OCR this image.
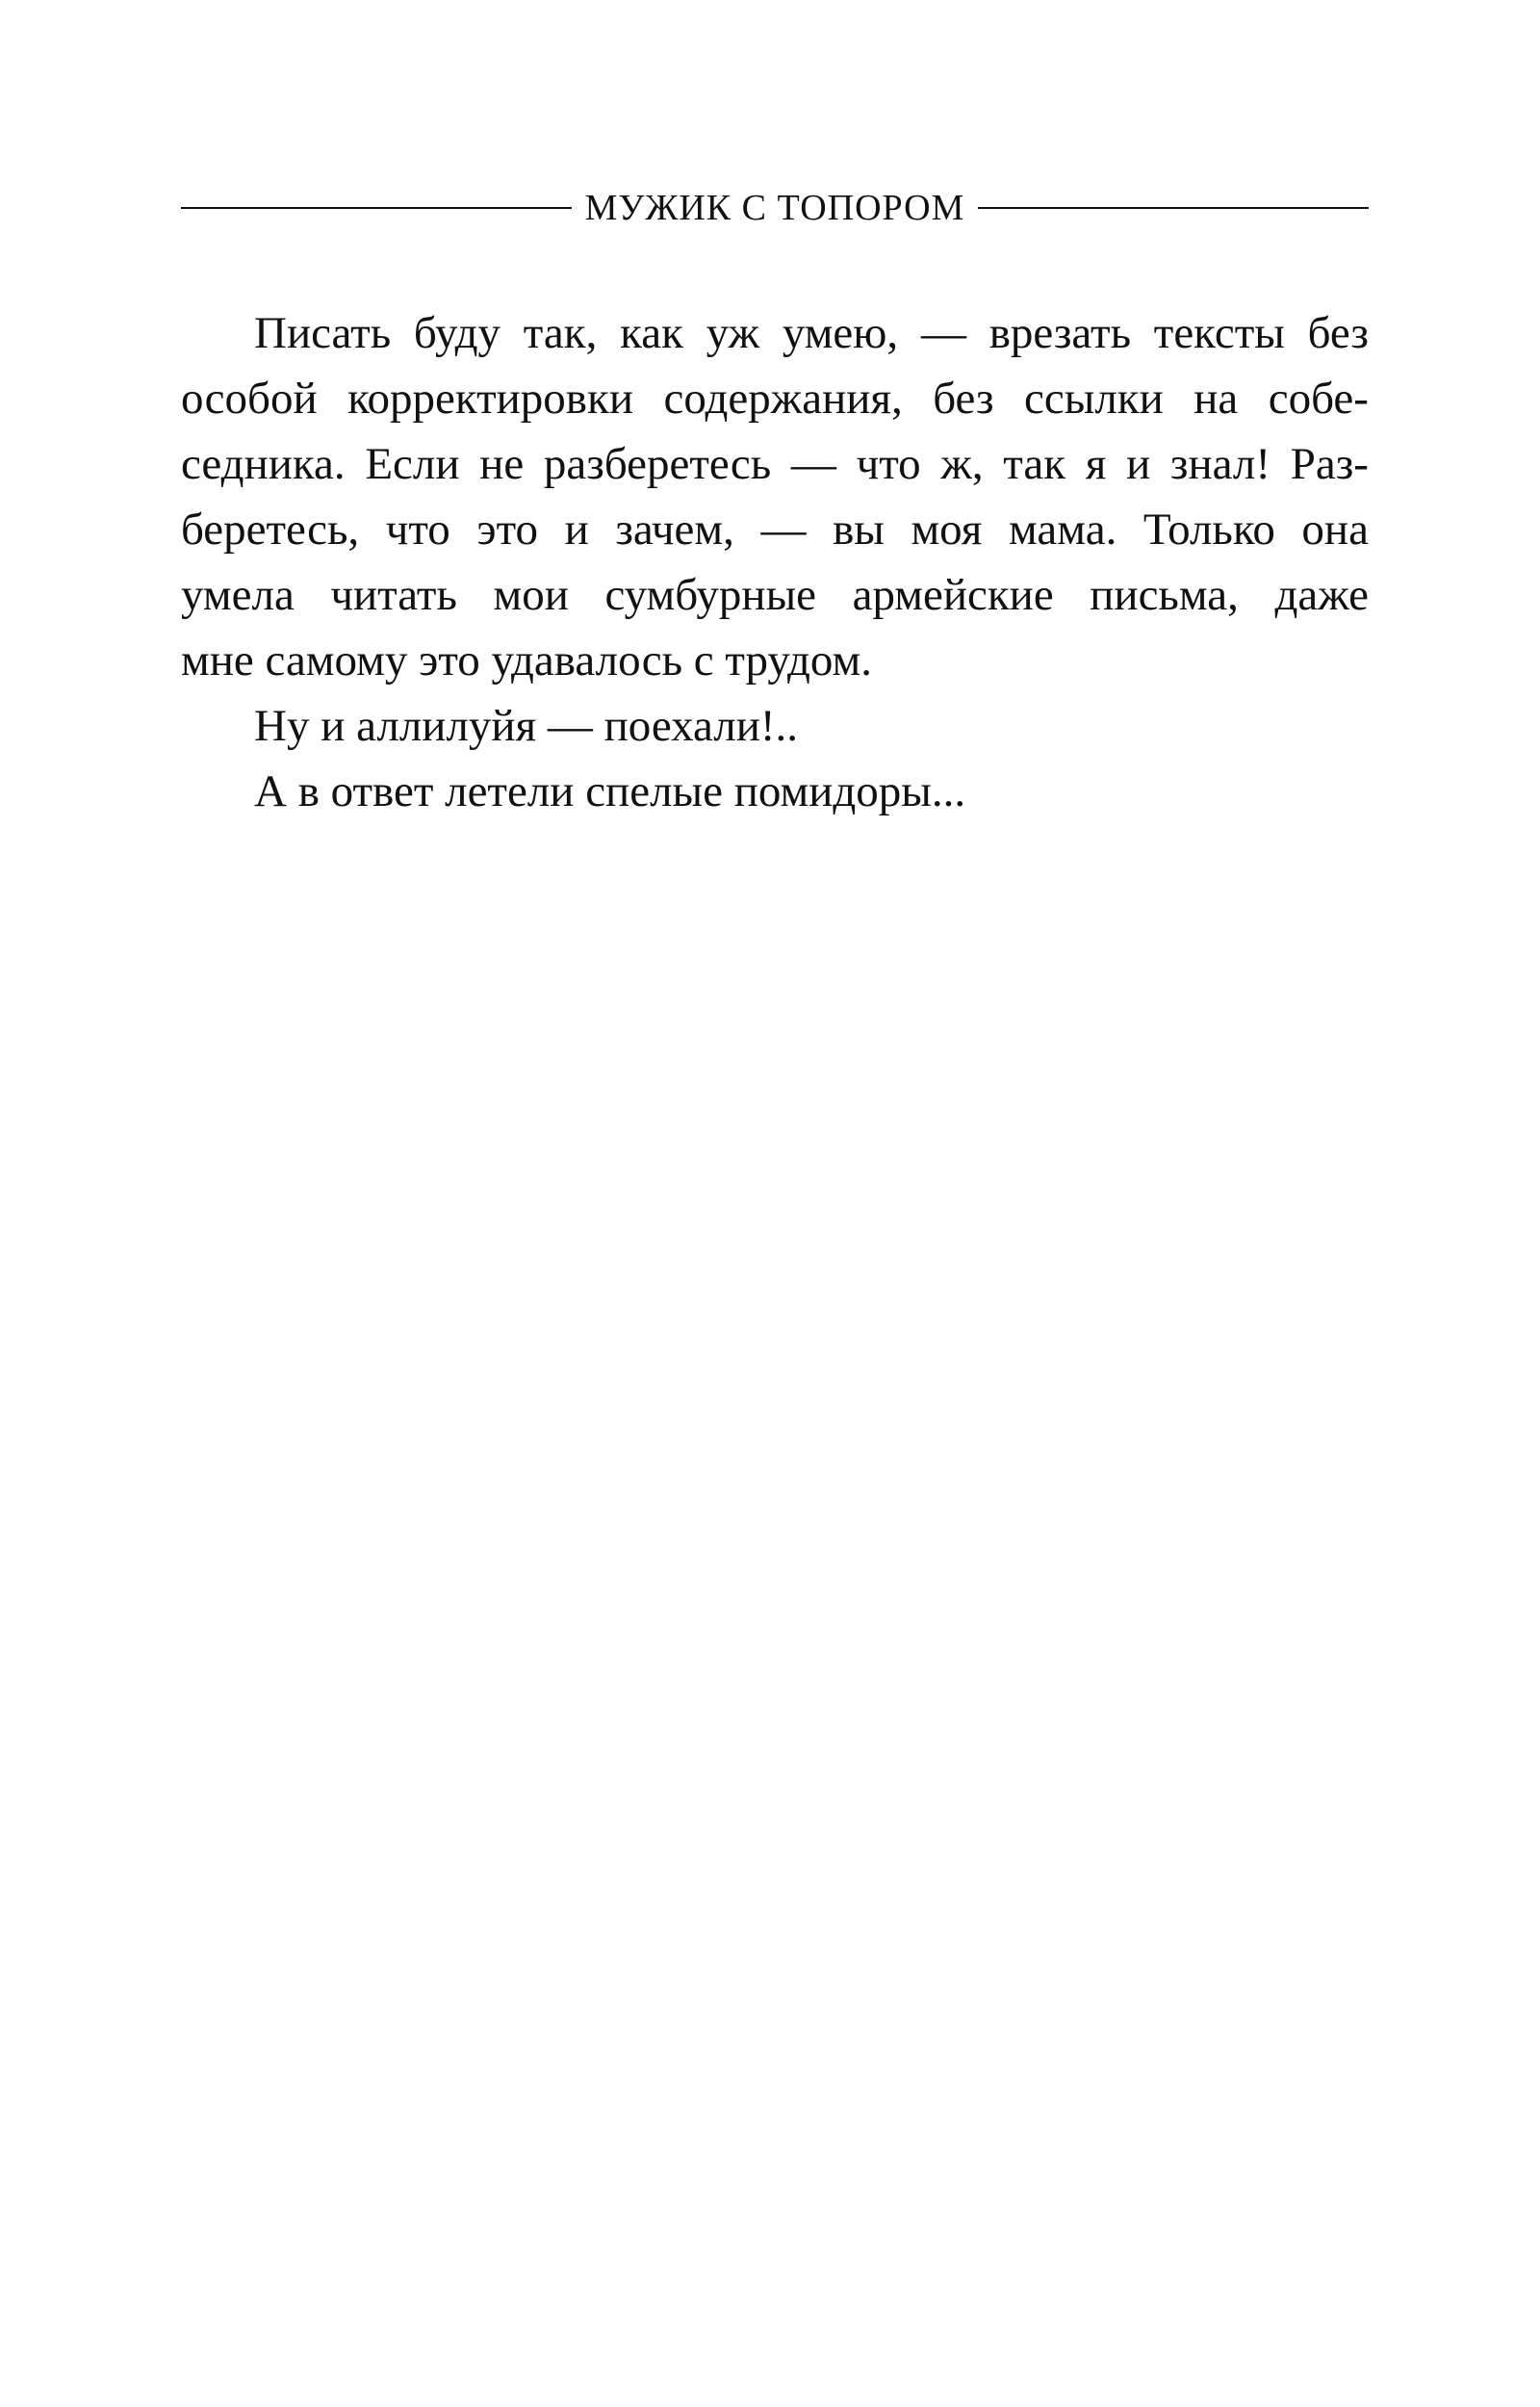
МУЖИК С ТОПОРОМ
Писать буду так, как уж умею, — врезать тексты без
особой корректировки содержания, без ссылки на собе-
седника. Если не разберетесь — что ж, так я и знал! Раз-
беретесь, что это и зачем, — вы моя мама. Только она
умела читать мои сумбурные армейские письма, даже
мне самому это удавалось с трудом.
Ну и аллилуйя — поехали!..
А в ответ летели спелые помидоры...
